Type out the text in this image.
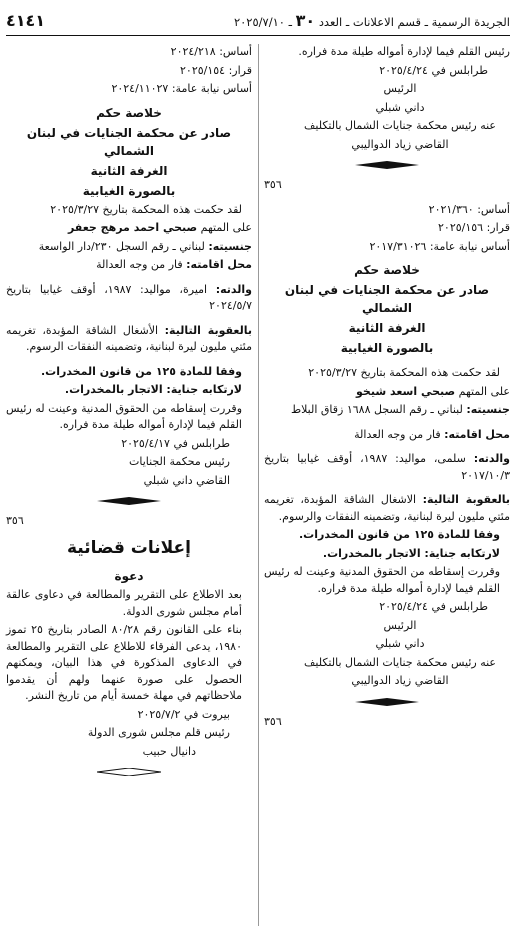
الجريدة الرسمية ـ قسم الاعلانات ـ العدد ٣٠ ـ ٢٠٢٥/٧/١٠
٤١٤١

رئيس القلم فيما لإدارة أمواله طيلة مدة فراره.

طرابلس في ٢٠٢٥/٤/٢٤

الرئيس

داني شبلي

عنه رئيس محكمة جنايات الشمال بالتكليف

القاضي زياد الدواليبي

٣٥٦

أساس: ٢٠٢١/٣٦٠

قرار: ٢٠٢٥/١٥٦

أساس نيابة عامة: ٢٠١٧/٣١٠٢٦

خلاصة حكم

صادر عن محكمة الجنايات في لبنان الشمالي

الغرفة الثانية

بالصورة الغيابية

لقد حكمت هذه المحكمة بتاريخ ٢٠٢٥/٣/٢٧

على المتهم صبحي اسعد شيخو

جنسيته: لبناني ـ رقم السجل ١٦٨٨ زقاق البلاط

محل اقامته: فار من وجه العدالة

والدته: سلمى، مواليد: ١٩٨٧، أوقف غيابيا بتاريخ ٢٠١٧/١٠/٣

بالعقوبة التالية: الاشغال الشاقة المؤبدة، تغريمه مئتي مليون ليرة لبنانية، وتضمينه النفقات والرسوم.

وفقا للمادة ١٢٥ من قانون المخدرات.

لارتكابه جناية: الاتجار بالمخدرات.

وقررت إسقاطه من الحقوق المدنية وعينت له رئيس القلم فيما لإدارة أمواله طيلة مدة فراره.

طرابلس في ٢٠٢٥/٤/٢٤

الرئيس

داني شبلي

عنه رئيس محكمة جنايات الشمال بالتكليف

القاضي زياد الدواليبي

٣٥٦

أساس: ٢٠٢٤/٢١٨

قرار: ٢٠٢٥/١٥٤

أساس نيابة عامة: ٢٠٢٤/١١٠٢٧

خلاصة حكم

صادر عن محكمة الجنايات في لبنان الشمالي

الغرفة الثانية

بالصورة الغيابية

لقد حكمت هذه المحكمة بتاريخ ٢٠٢٥/٣/٢٧

على المتهم صبحي احمد مرهج جعفر

جنسيته: لبناني ـ رقم السجل ٢٣٠/دار الواسعة

محل اقامته: فار من وجه العدالة

والدته: اميرة، مواليد: ١٩٨٧، أوقف غيابيا بتاريخ ٢٠٢٤/٥/٧

بالعقوبة التالية: الأشغال الشاقة المؤبدة، تغريمه مئتي مليون ليرة لبنانية، وتضمينه النفقات الرسوم.

وفقا للمادة ١٢٥ من قانون المخدرات.

لارتكابه جناية: الاتجار بالمخدرات.

وقررت إسقاطه من الحقوق المدنية وعينت له رئيس القلم فيما لإدارة أمواله طيلة مدة فراره.

طرابلس في ٢٠٢٥/٤/١٧

رئيس محكمة الجنايات

القاضي داني شبلي

٣٥٦

إعلانات قضائية

دعوة

بعد الاطلاع على التقرير والمطالعة في دعاوى عالقة أمام مجلس شورى الدولة.

بناء على القانون رقم ٨٠/٢٨ الصادر بتاريخ ٢٥ تموز ١٩٨٠، يدعى الفرقاء للاطلاع على التقرير والمطالعة في الدعاوى المذكورة في هذا البيان، ويمكنهم الحصول على صورة عنهما ولهم أن يقدموا ملاحظاتهم في مهلة خمسة أيام من تاريخ النشر.

بيروت في ٢٠٢٥/٧/٢

رئيس قلم مجلس شورى الدولة

دانيال حبيب
